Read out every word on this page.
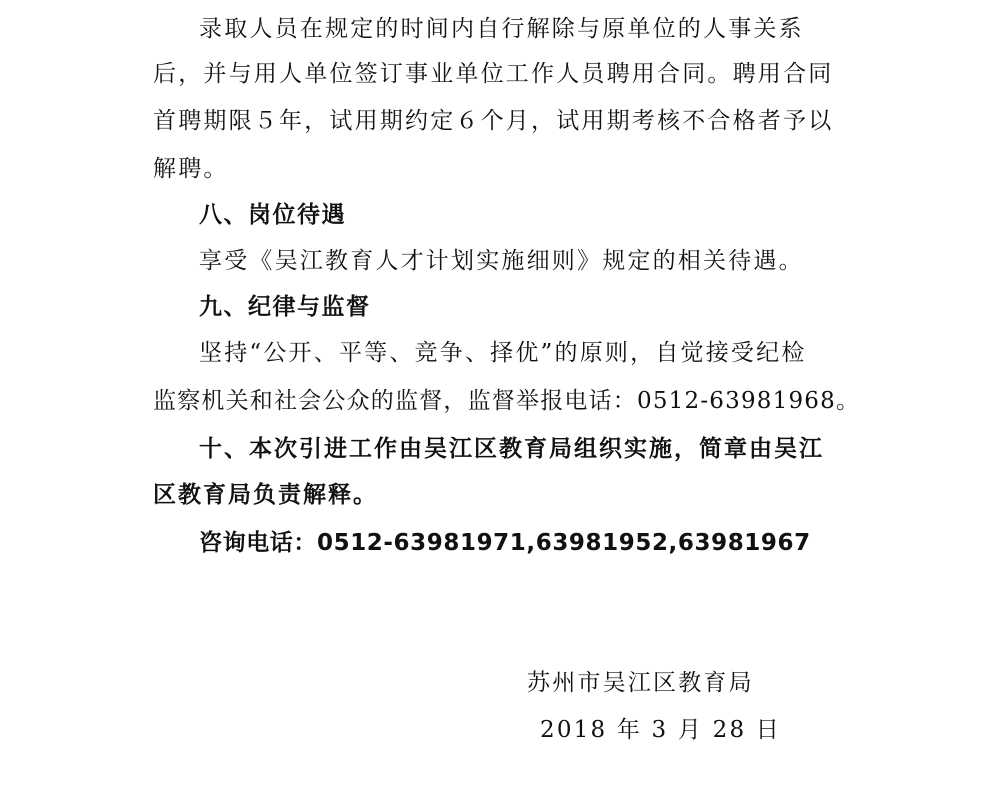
录取人员在规定的时间内自行解除与原单位的人事关系
后，并与用人单位签订事业单位工作人员聘用合同。聘用合同
首聘期限５年，试用期约定６个月，试用期考核不合格者予以
解聘。
八、岗位待遇
享受《吴江教育人才计划实施细则》规定的相关待遇。
九、纪律与监督
坚持“公开、平等、竞争、择优”的原则，自觉接受纪检
监察机关和社会公众的监督，监督举报电话：0512-63981968。
十、本次引进工作由吴江区教育局组织实施，简章由吴江
区教育局负责解释。
咨询电话：0512-63981971,63981952,63981967
苏州市吴江区教育局
2018 年 3 月 28 日
